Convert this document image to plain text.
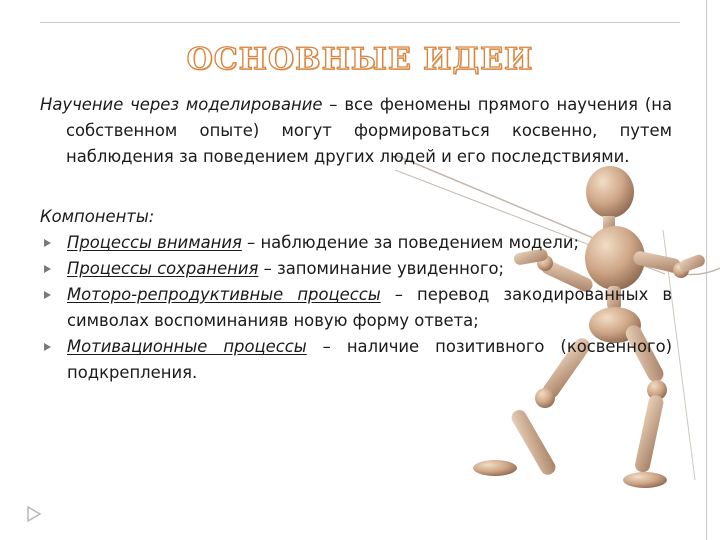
ОСНОВНЫЕ ИДЕИ

Научение через моделирование – все феномены прямого научения (на собственном опыте) могут формироваться косвенно, путем наблюдения за поведением других людей и его последствиями.

Компоненты:

Процессы внимания – наблюдение за поведением модели;
Процессы сохранения – запоминание увиденного;
Моторо-репродуктивные процессы – перевод закодированных в символах воспоминанияв новую форму ответа;
Мотивационные процессы – наличие позитивного (косвенного) подкрепления.
